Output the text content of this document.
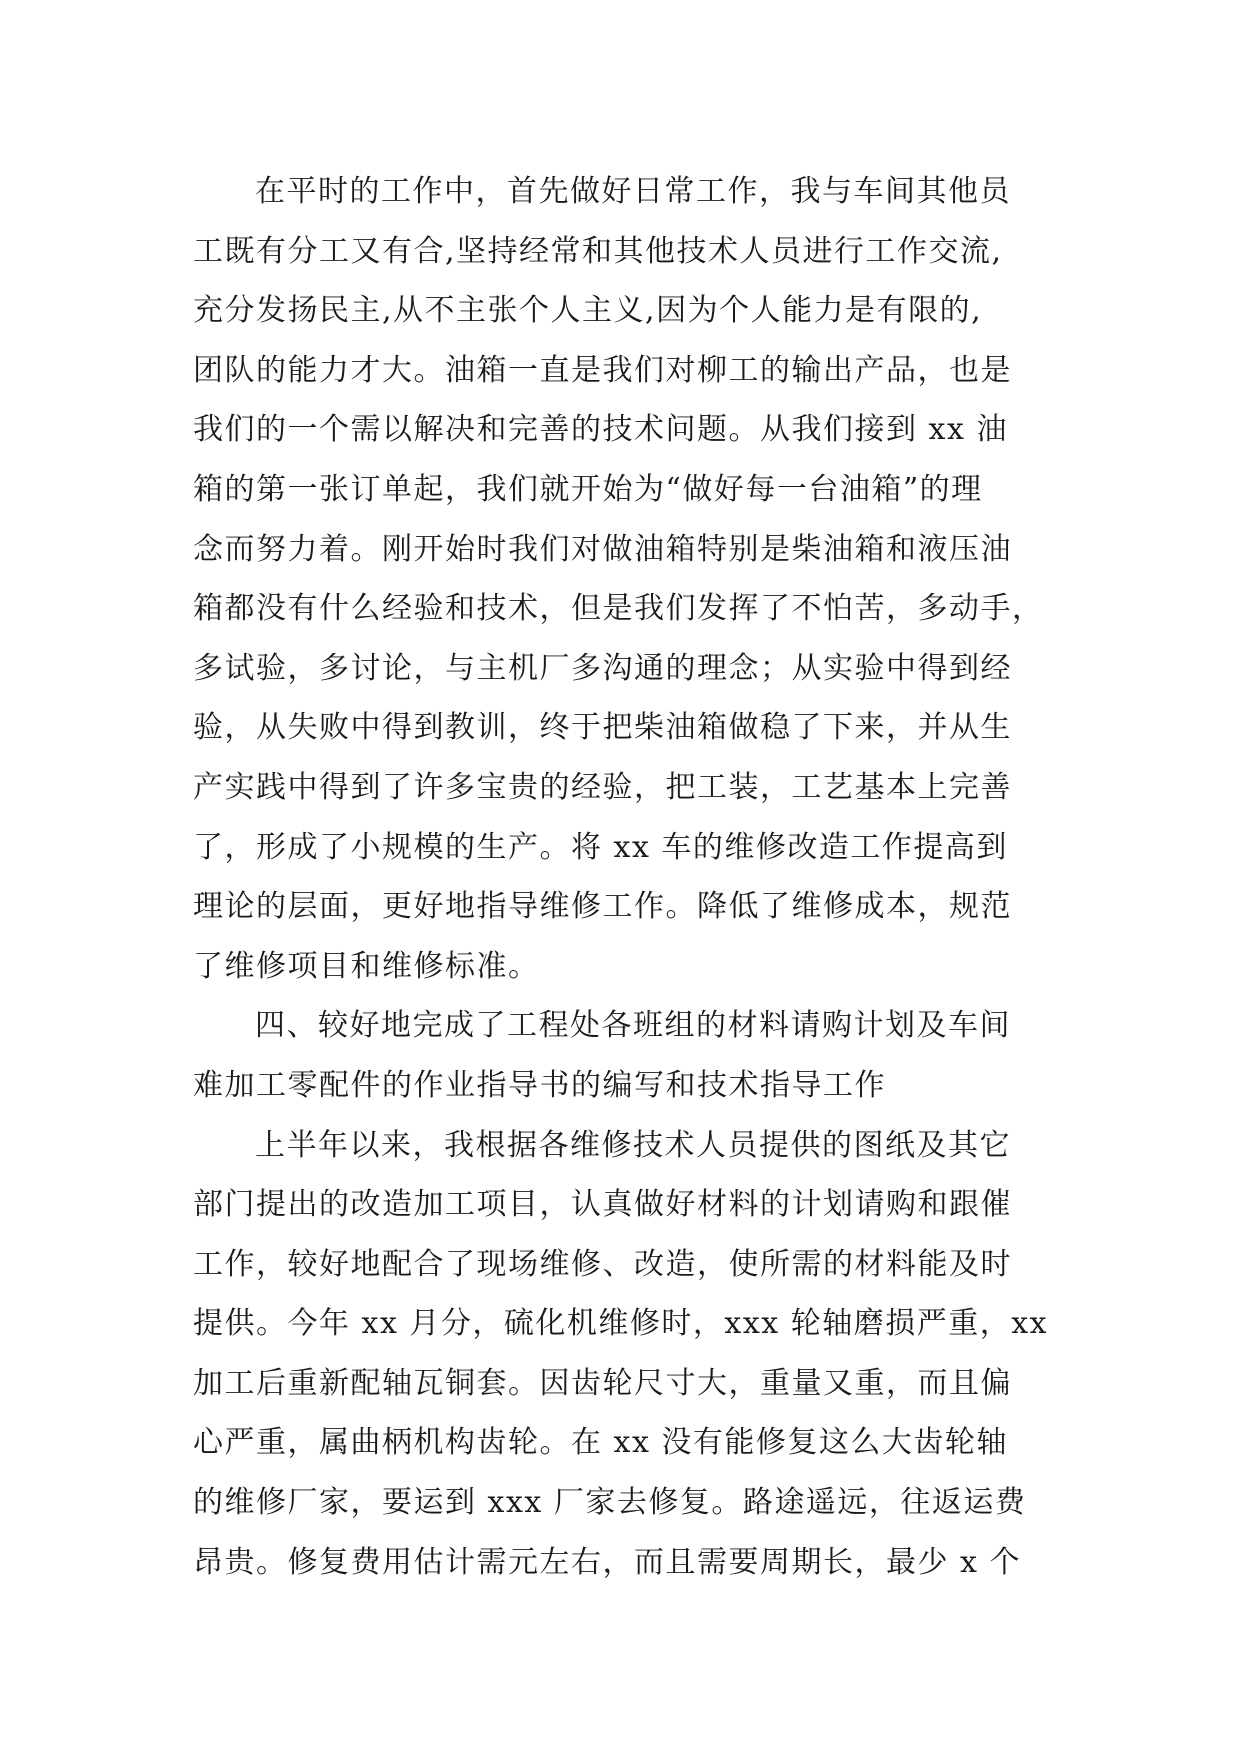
在平时的工作中，首先做好日常工作，我与车间其他员
工既有分工又有合,坚持经常和其他技术人员进行工作交流,
充分发扬民主,从不主张个人主义,因为个人能力是有限的,
团队的能力才大。油箱一直是我们对柳工的输出产品，也是
我们的一个需以解决和完善的技术问题。从我们接到 xx 油
箱的第一张订单起，我们就开始为“做好每一台油箱”的理
念而努力着。刚开始时我们对做油箱特别是柴油箱和液压油
箱都没有什么经验和技术，但是我们发挥了不怕苦，多动手，
多试验，多讨论，与主机厂多沟通的理念；从实验中得到经
验，从失败中得到教训，终于把柴油箱做稳了下来，并从生
产实践中得到了许多宝贵的经验，把工装，工艺基本上完善
了，形成了小规模的生产。将 xx 车的维修改造工作提高到
理论的层面，更好地指导维修工作。降低了维修成本，规范
了维修项目和维修标准。
四、较好地完成了工程处各班组的材料请购计划及车间
难加工零配件的作业指导书的编写和技术指导工作
上半年以来，我根据各维修技术人员提供的图纸及其它
部门提出的改造加工项目，认真做好材料的计划请购和跟催
工作，较好地配合了现场维修、改造，使所需的材料能及时
提供。今年 xx 月分，硫化机维修时，xxx 轮轴磨损严重，xx
加工后重新配轴瓦铜套。因齿轮尺寸大，重量又重，而且偏
心严重，属曲柄机构齿轮。在 xx 没有能修复这么大齿轮轴
的维修厂家，要运到 xxx 厂家去修复。路途遥远，往返运费
昂贵。修复费用估计需元左右，而且需要周期长，最少 x 个
